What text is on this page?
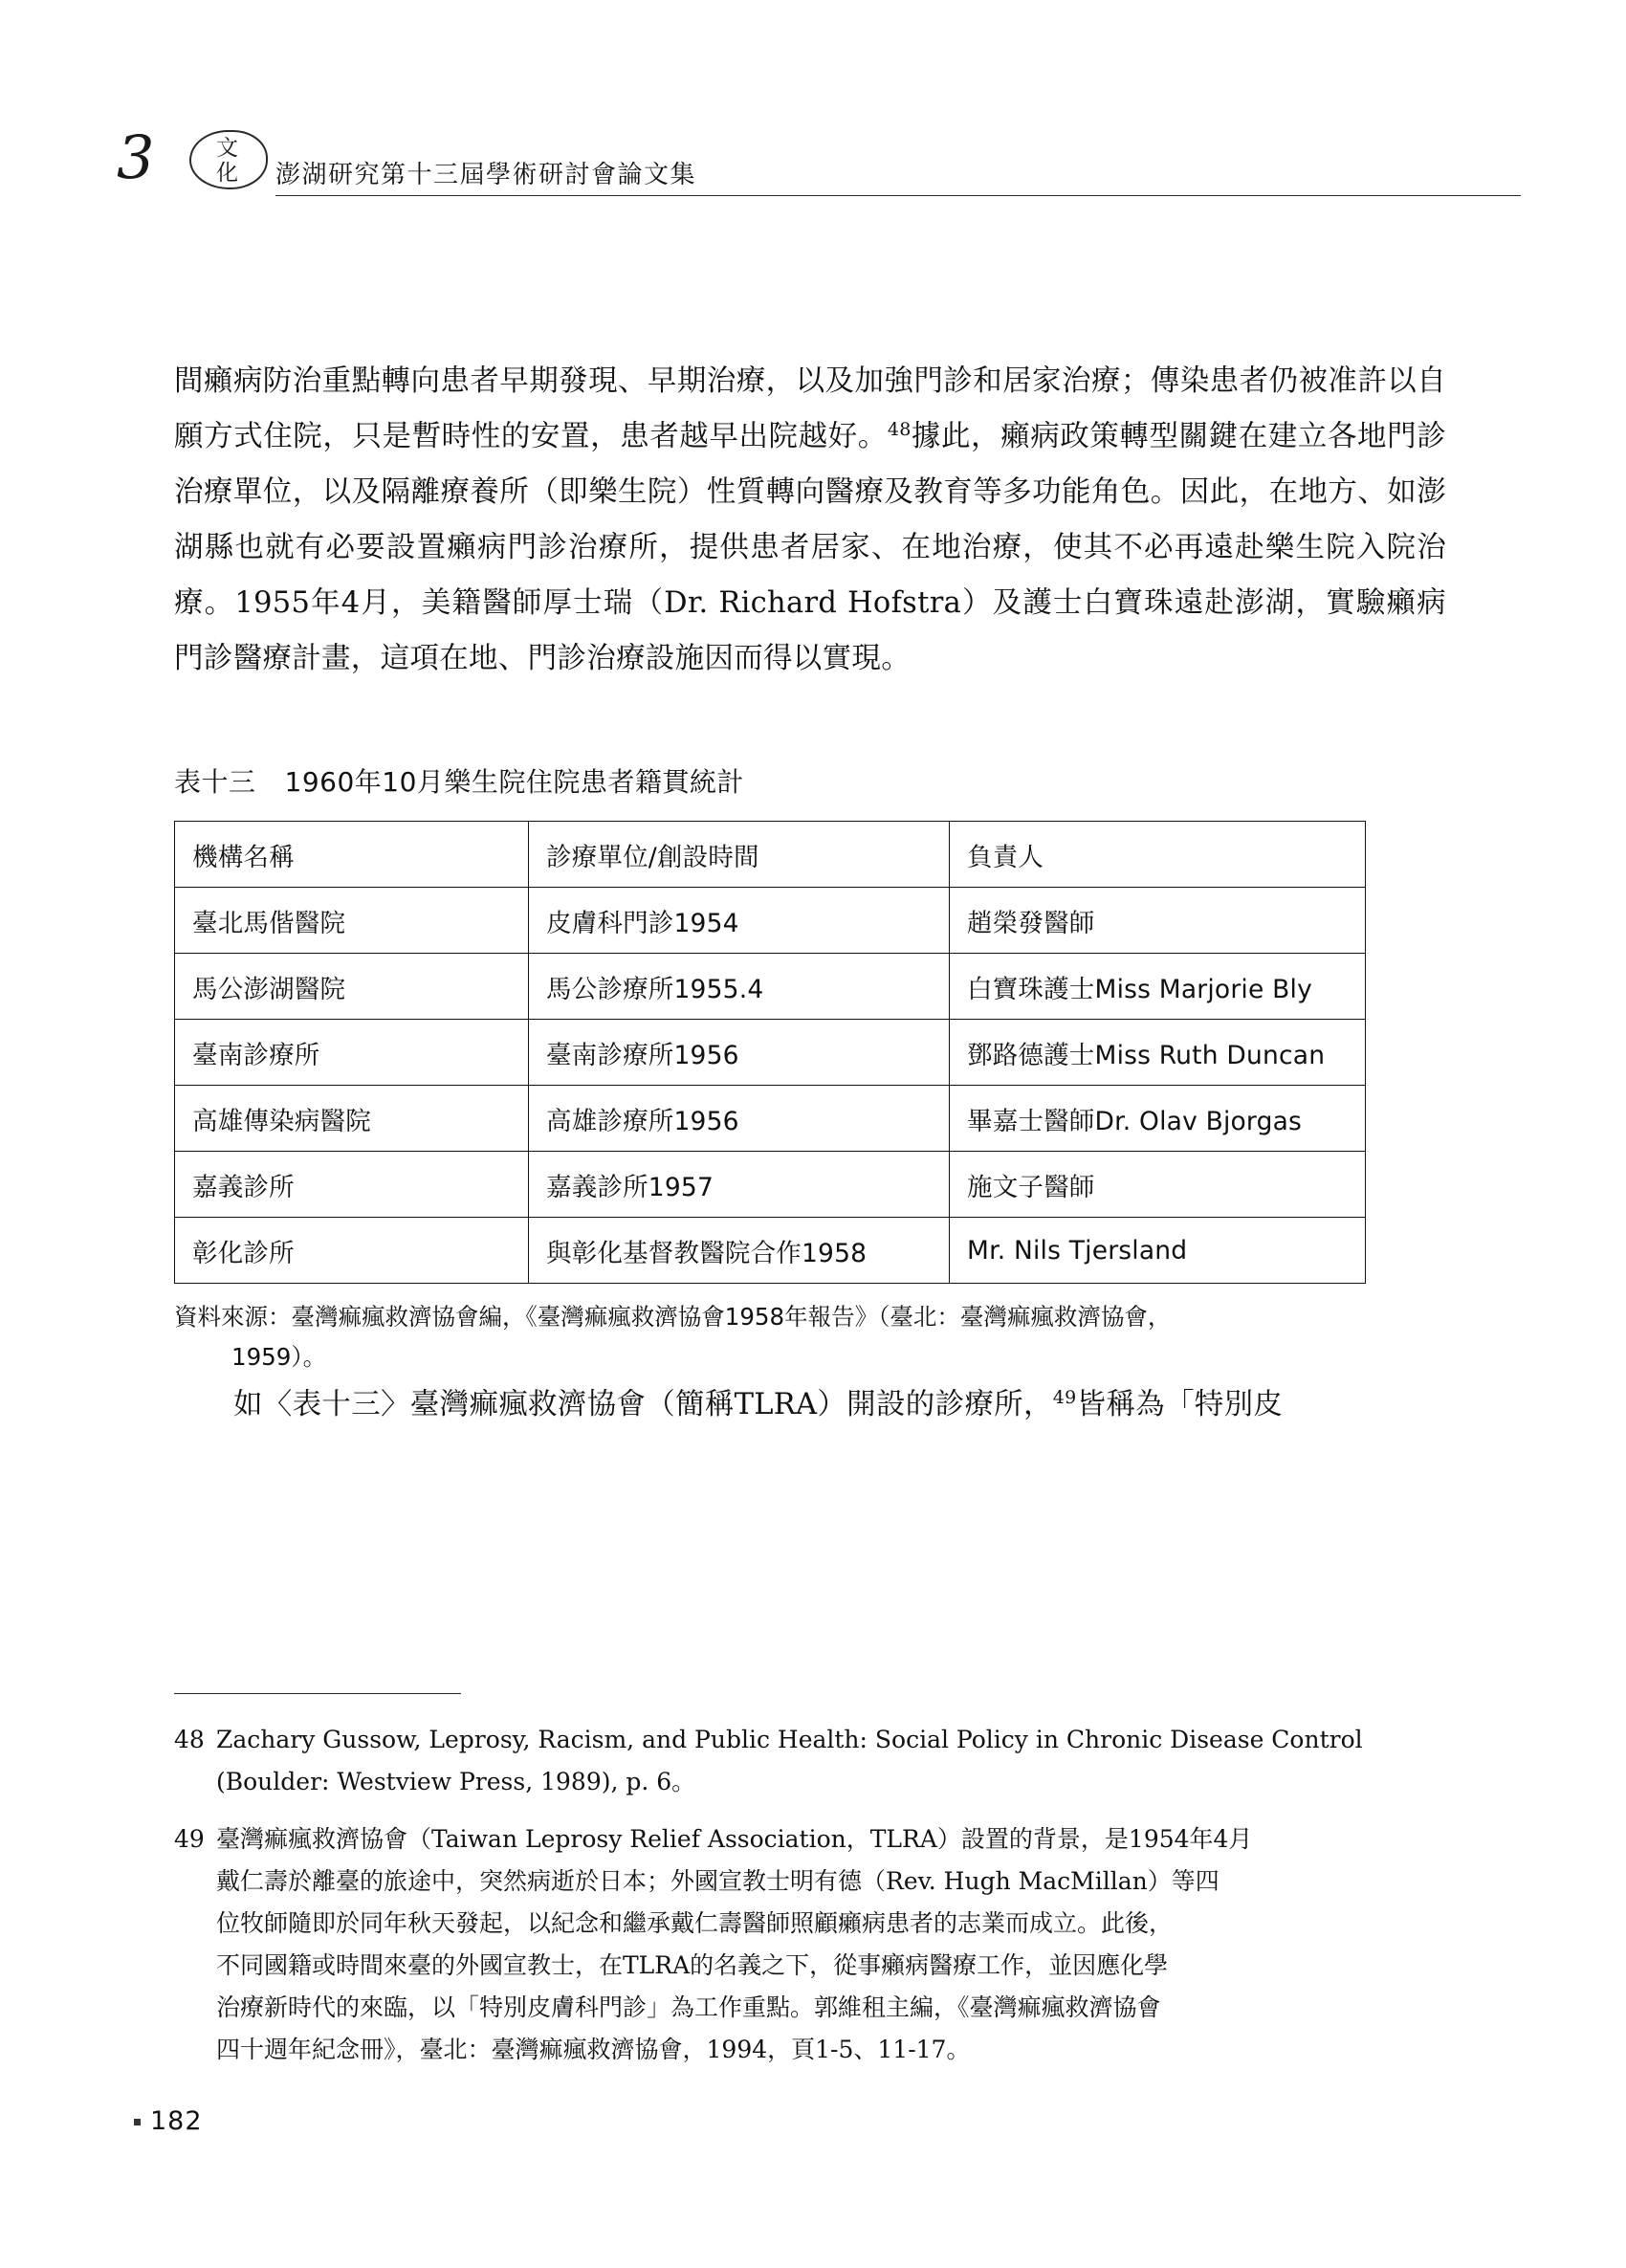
3	文
化	澎湖研究第十三屆學術研討會論文集

間癩病防治重點轉向患者早期發現、早期治療，以及加強門診和居家治療；傳染患者仍被准許以自願方式住院，只是暫時性的安置，患者越早出院越好。$^{48}$據此，癩病政策轉型關鍵在建立各地門診治療單位，以及隔離療養所（即樂生院）性質轉向醫療及教育等多功能角色。因此，在地方、如澎湖縣也就有必要設置癩病門診治療所，提供患者居家、在地治療，使其不必再遠赴樂生院入院治療。1955年4月，美籍醫師厚士瑞（Dr. Richard Hofstra）及護士白寶珠遠赴澎湖，實驗癩病門診醫療計畫，這項在地、門診治療設施因而得以實現。

表十三 1960年10月樂生院住院患者籍貫統計
機構名稱	診療單位/創設時間	負責人
臺北馬偕醫院	皮膚科門診1954	趙榮發醫師
馬公澎湖醫院	馬公診療所1955.4	白寶珠護士Miss Marjorie Bly
臺南診療所	臺南診療所1956	鄧路德護士Miss Ruth Duncan
高雄傳染病醫院	高雄診療所1956	畢嘉士醫師Dr. Olav Bjorgas
嘉義診所	嘉義診所1957	施文子醫師
彰化診所	與彰化基督教醫院合作1958	Mr. Nils Tjersland
資料來源：臺灣痲瘋救濟協會編，《臺灣痲瘋救濟協會1958年報告》（臺北：臺灣痲瘋救濟協會，
1959）。

如〈表十三〉臺灣痲瘋救濟協會（簡稱TLRA）開設的診療所，$^{49}$皆稱為「特別皮

48 Zachary Gussow, Leprosy, Racism, and Public Health: Social Policy in Chronic Disease Control
(Boulder: Westview Press, 1989), p. 6。
49 臺灣痲瘋救濟協會（Taiwan Leprosy Relief Association，TLRA）設置的背景，是1954年4月
戴仁壽於離臺的旅途中，突然病逝於日本；外國宣教士明有德（Rev. Hugh MacMillan）等四
位牧師隨即於同年秋天發起，以紀念和繼承戴仁壽醫師照顧癩病患者的志業而成立。此後，
不同國籍或時間來臺的外國宣教士，在TLRA的名義之下，從事癩病醫療工作，並因應化學
治療新時代的來臨，以「特別皮膚科門診」為工作重點。郭維租主編，《臺灣痲瘋救濟協會
四十週年紀念冊》，臺北：臺灣痲瘋救濟協會，1994，頁1-5、11-17。
182
